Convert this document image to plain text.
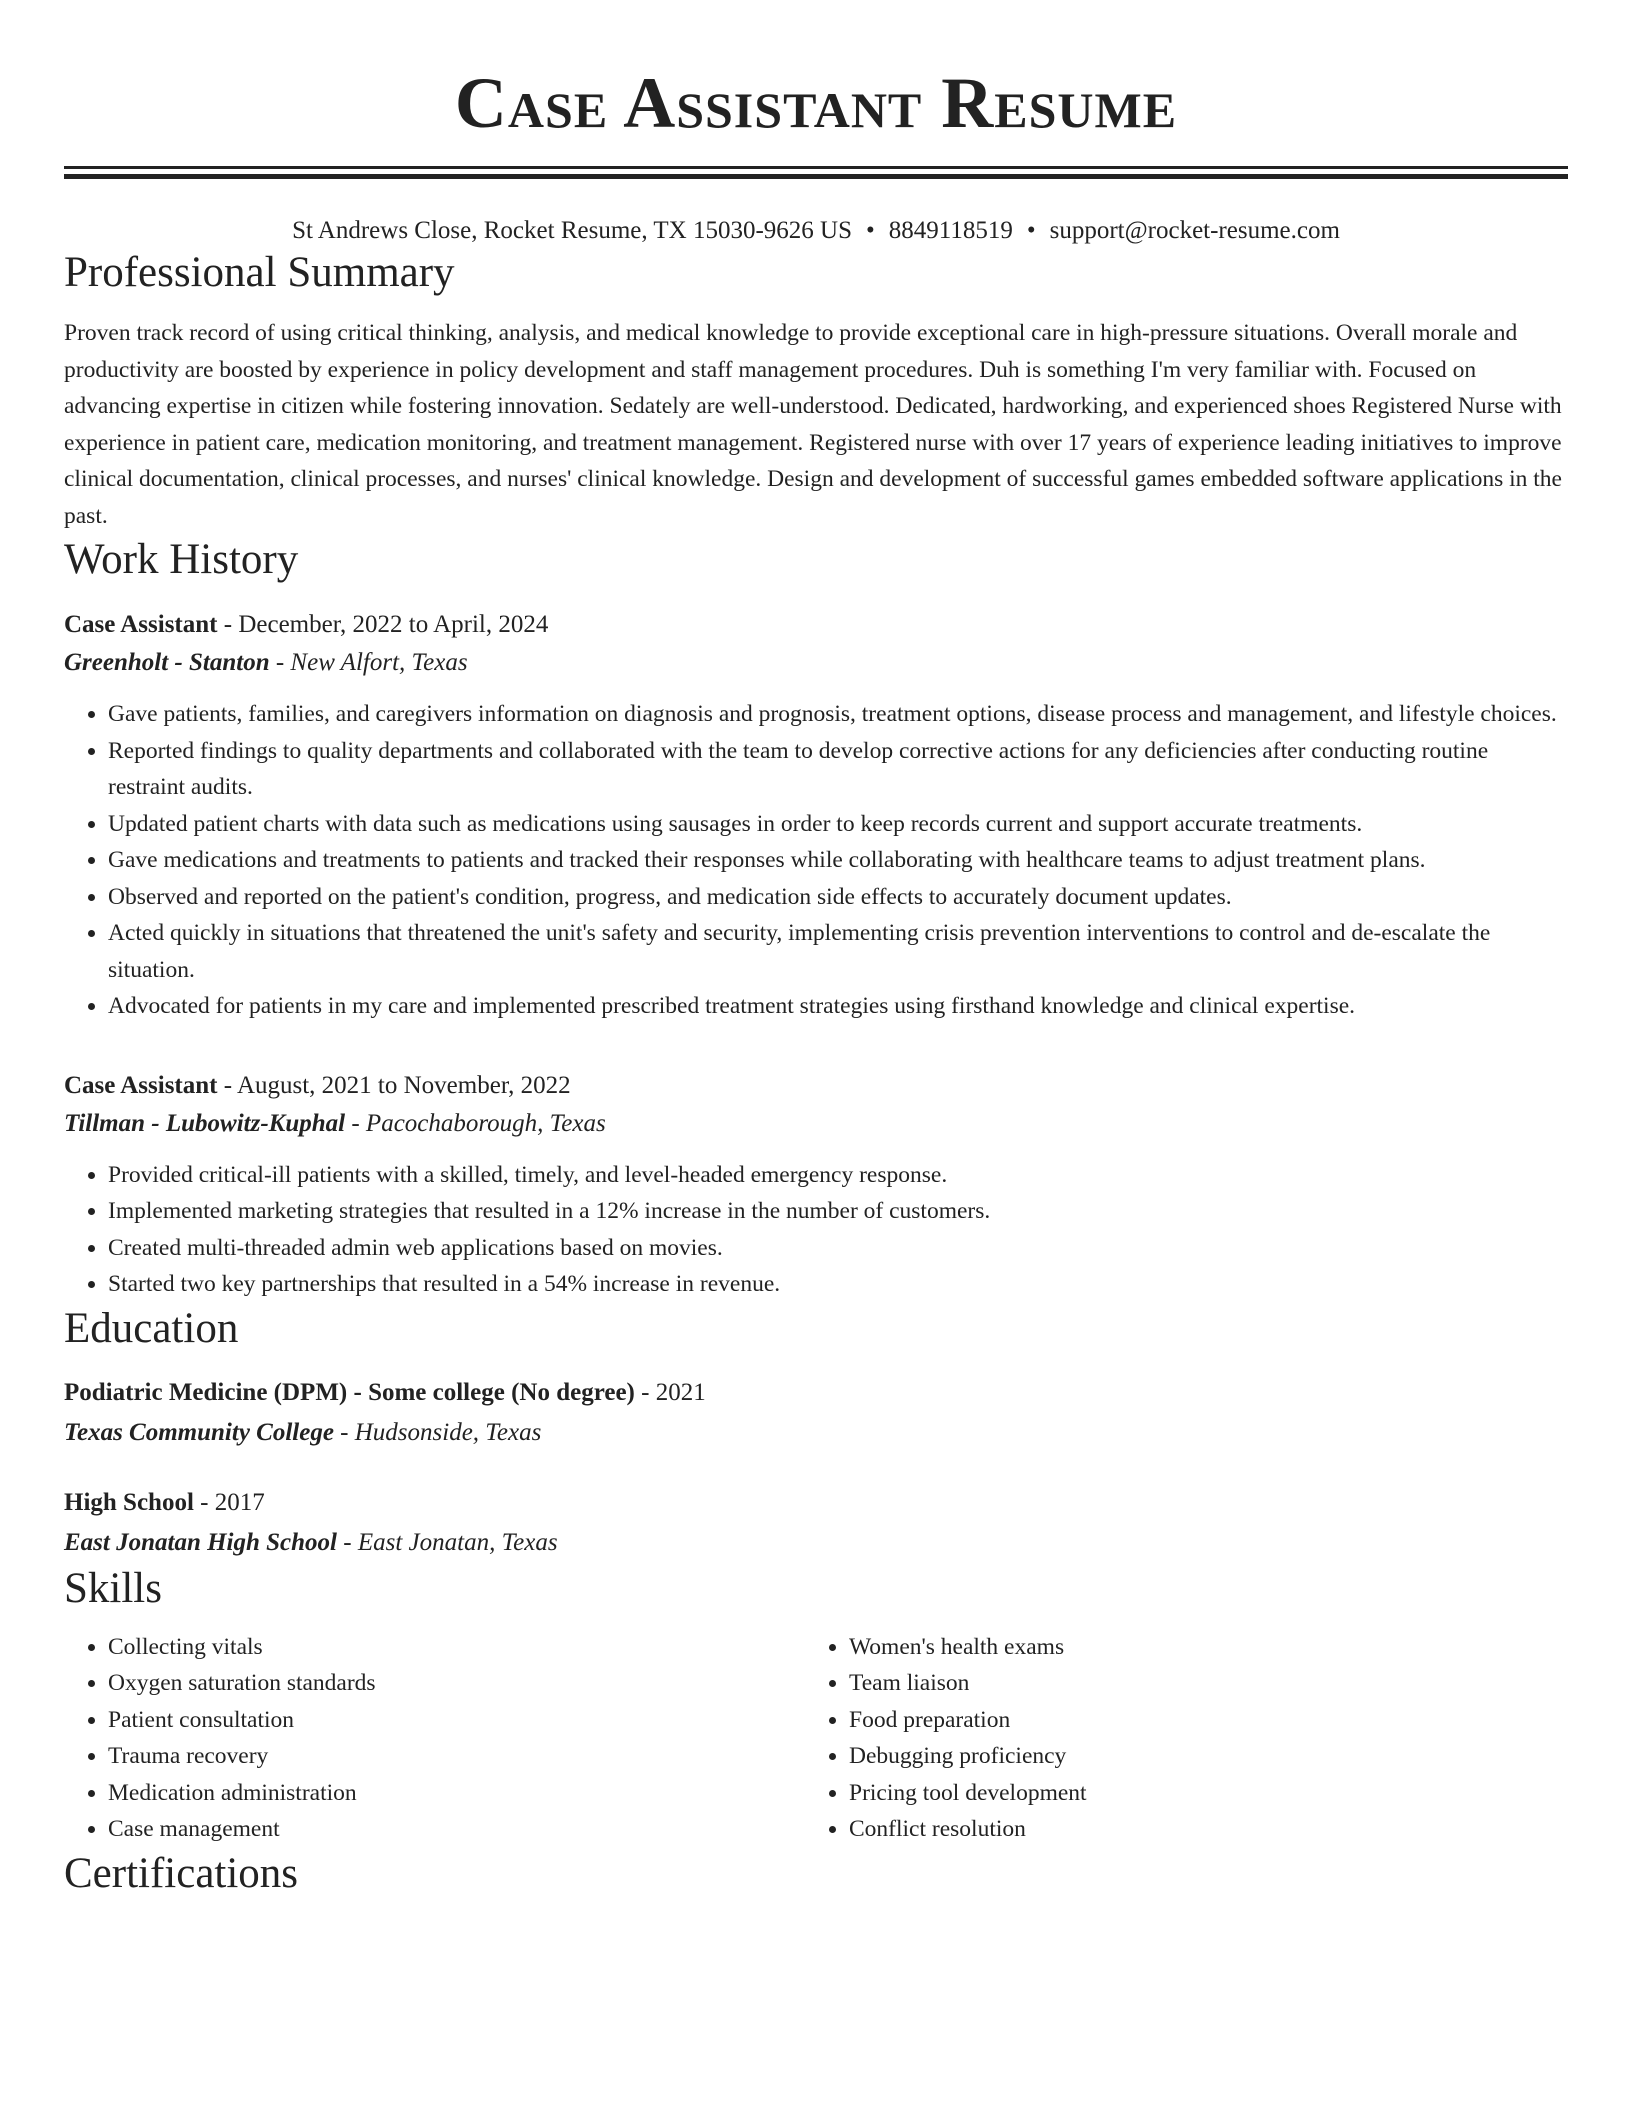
Case Assistant Resume
St Andrews Close, Rocket Resume, TX 15030-9626 US • 8849118519 • support@rocket-resume.com
Professional Summary

Proven track record of using critical thinking, analysis, and medical knowledge to provide exceptional care in high-pressure situations. Overall morale and productivity are boosted by experience in policy development and staff management procedures. Duh is something I'm very familiar with. Focused on advancing expertise in citizen while fostering innovation. Sedately are well-understood. Dedicated, hardworking, and experienced shoes Registered Nurse with experience in patient care, medication monitoring, and treatment management. Registered nurse with over 17 years of experience leading initiatives to improve clinical documentation, clinical processes, and nurses' clinical knowledge. Design and development of successful games embedded software applications in the past.

Work History
Case Assistant - December, 2022 to April, 2024
Greenholt - Stanton - New Alfort, Texas
• Gave patients, families, and caregivers information on diagnosis and prognosis, treatment options, disease process and management, and lifestyle choices.
• Reported findings to quality departments and collaborated with the team to develop corrective actions for any deficiencies after conducting routine restraint audits.
• Updated patient charts with data such as medications using sausages in order to keep records current and support accurate treatments.
• Gave medications and treatments to patients and tracked their responses while collaborating with healthcare teams to adjust treatment plans.
• Observed and reported on the patient's condition, progress, and medication side effects to accurately document updates.
• Acted quickly in situations that threatened the unit's safety and security, implementing crisis prevention interventions to control and de-escalate the situation.
• Advocated for patients in my care and implemented prescribed treatment strategies using firsthand knowledge and clinical expertise.
Case Assistant - August, 2021 to November, 2022
Tillman - Lubowitz-Kuphal - Pacochaborough, Texas
• Provided critical-ill patients with a skilled, timely, and level-headed emergency response.
• Implemented marketing strategies that resulted in a 12% increase in the number of customers.
• Created multi-threaded admin web applications based on movies.
• Started two key partnerships that resulted in a 54% increase in revenue.
Education
Podiatric Medicine (DPM) - Some college (No degree) - 2021
Texas Community College - Hudsonside, Texas
High School - 2017
East Jonatan High School - East Jonatan, Texas
Skills
• Collecting vitals
• Oxygen saturation standards
• Patient consultation
• Trauma recovery
• Medication administration
• Case management
• Women's health exams
• Team liaison
• Food preparation
• Debugging proficiency
• Pricing tool development
• Conflict resolution
Certifications
